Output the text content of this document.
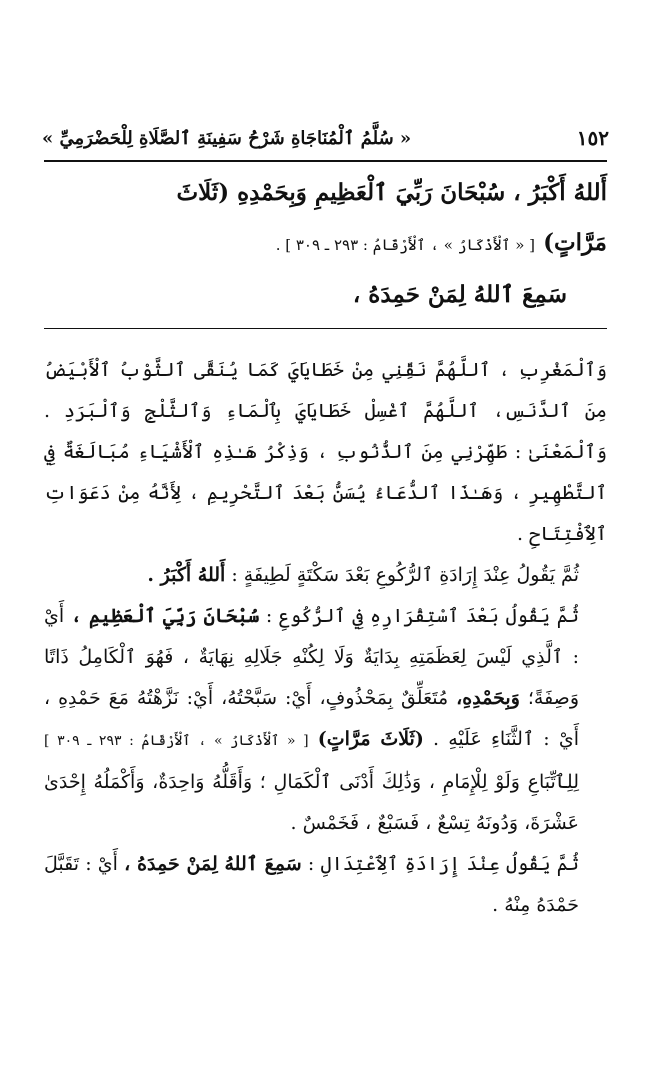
١٥٢
« سُلَّمُ ٱلْمُنَاجَاةِ شَرْحُ سَفِينَةِ ٱلصَّلَاةِ لِلْحَضْرَمِيِّ »

أَللهُ أَكْبَرُ ، سُبْحَانَ رَبِّيَ ٱلْعَظِيمِ وَبِحَمْدِهِ (ثَلَاثَ

مَرَّاتٍ) [ « ٱلْأَذْكَارُ » ، ٱلْأَرْقَامُ : ٢٩٣ ـ ٣٠٩ ] .

سَمِعَ ٱللهُ لِمَنْ حَمِدَهُ ،

وَٱلْمَغْرِبِ ، ٱللَّهُمَّ نَقِّنِي مِنْ خَطَايَايَ كَمَا يُنَقَّى ٱلثَّوْبُ ٱلْأَبْيَضُ مِنَ ٱلدَّنَسِ، ٱللَّهُمَّ ٱغْسِلْ خَطَايَايَ بِٱلْمَاءِ وَٱلثَّلْجِ وَٱلْبَرَدِ . وَٱلْمَعْنَىٰ : طَهِّرْنِي مِنَ ٱلذُّنُوبِ ، وَذِكْرُ هَـٰذِهِ ٱلْأَشْيَاءِ مُبَالَغَةٌ فِي ٱلتَّطْهِيرِ ، وَهَـٰذَا ٱلدُّعَاءُ يُسَنُّ بَعْدَ ٱلتَّحْرِيمِ ، لِأَنَّهُ مِنْ دَعَوَاتِ ٱلِٱفْتِتَاحِ .

ثُمَّ يَقُولُ عِنْدَ إِرَادَةِ ٱلرُّكُوعِ بَعْدَ سَكْتَةٍ لَطِيفَةٍ : أَللهُ أَكْبَرُ .

ثُمَّ يَقُولُ بَعْدَ ٱسْتِقْرَارِهِ فِي ٱلرُّكُوعِ : سُبْحَانَ رَبِّيَ ٱلْعَظِيمِ ، أَيْ : ٱلَّذِي لَيْسَ لِعَظَمَتِهِ بِدَايَةٌ وَلَا لِكُنْهِ جَلَالِهِ نِهَايَةٌ ، فَهُوَ ٱلْكَامِلُ ذَاتًا وَصِفَةً؛ وَبِحَمْدِهِ، مُتَعَلِّقٌ بِمَحْذُوفٍ، أَيْ: سَبَّحْتُهُ، أَيْ: نَزَّهْتُهُ مَعَ حَمْدِهِ ، أَيْ : ٱلثَّنَاءِ عَلَيْهِ . (ثَلَاثَ مَرَّاتٍ) [ « ٱلْأَذْكَارُ » ، ٱلْأَرْقَامُ : ٢٩٣ ـ ٣٠٩ ] لِلِٱتِّبَاعِ وَلَوْ لِلْإِمَامِ ، وَذَٰلِكَ أَدْنَى ٱلْكَمَالِ ؛ وَأَقَلُّهُ وَاحِدَةٌ، وَأَكْمَلُهُ إِحْدَىٰ عَشْرَةَ، وَدُونَهُ تِسْعٌ ، فَسَبْعٌ ، فَخَمْسٌ .

ثُمَّ يَقُولُ عِنْدَ إِرَادَةِ ٱلِٱعْتِدَالِ : سَمِعَ ٱللهُ لِمَنْ حَمِدَهُ ، أَيْ : تَقَبَّلَ حَمْدَهُ مِنْهُ .
